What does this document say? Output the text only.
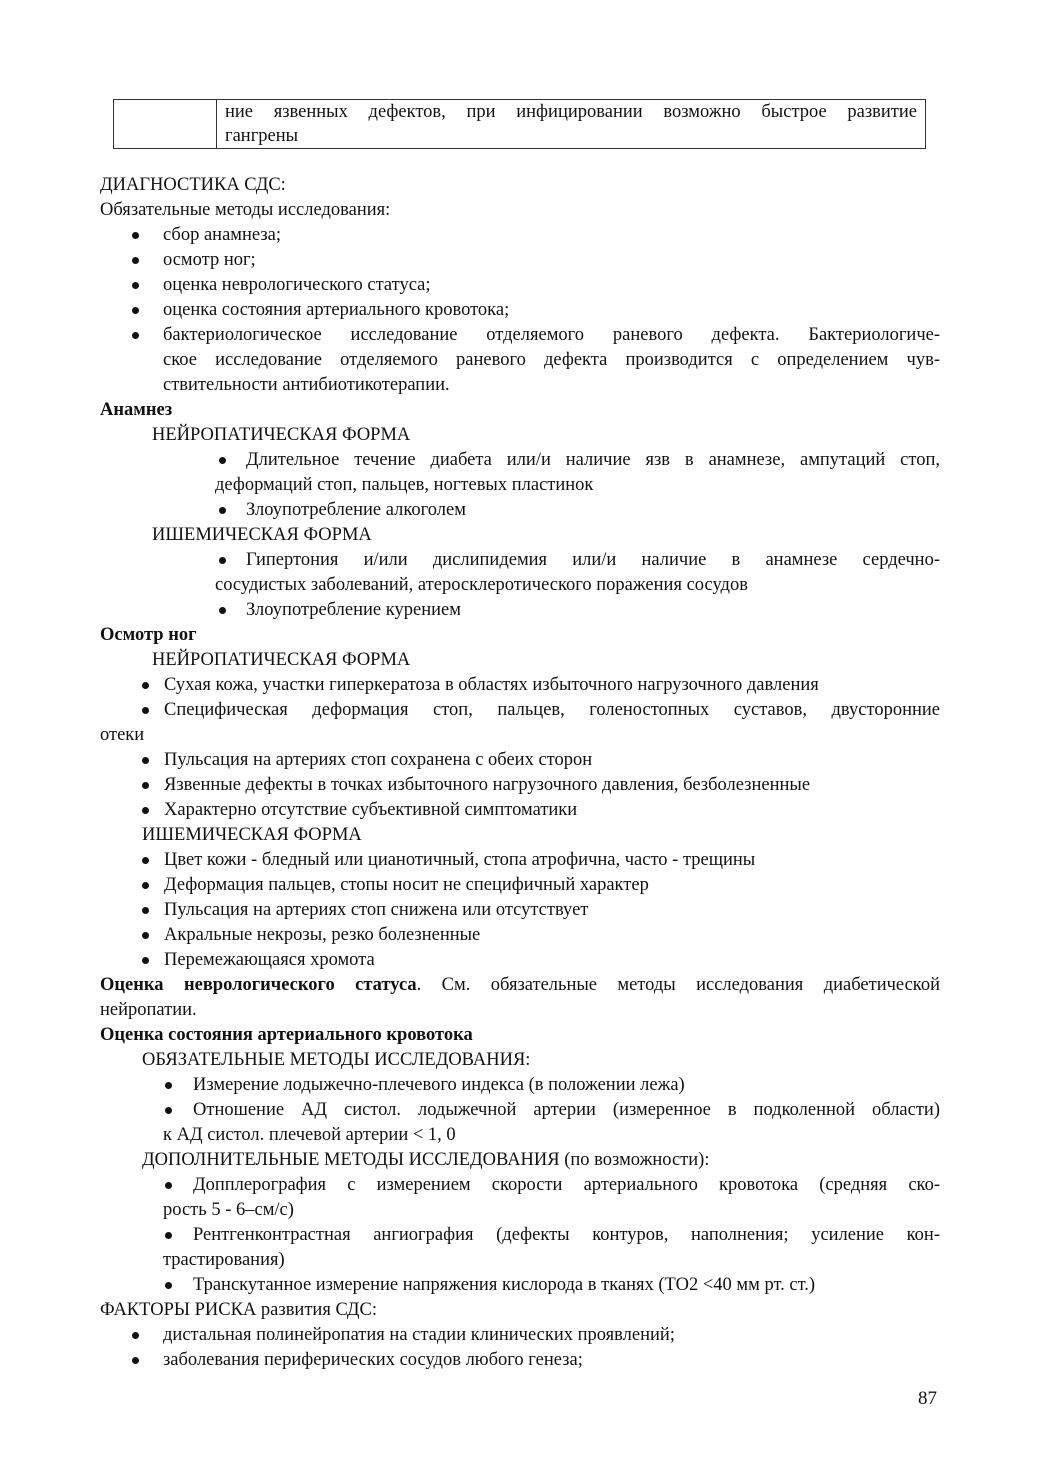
ние язвенных дефектов, при инфицировании возможно быстрое развитие
гангрены
ДИАГНОСТИКА СДС:
Обязательные методы исследования:
сбор анамнеза;
осмотр ног;
оценка неврологического статуса;
оценка состояния артериального кровотока;
бактериологическое исследование отделяемого раневого дефекта. Бактериологиче-
ское исследование отделяемого раневого дефекта производится с определением чув-
ствительности антибиотикотерапии.
Анамнез
НЕЙРОПАТИЧЕСКАЯ ФОРМА
Длительное течение диабета или/и наличие язв в анамнезе, ампутаций стоп,
деформаций стоп, пальцев, ногтевых пластинок
Злоупотребление алкоголем
ИШЕМИЧЕСКАЯ ФОРМА
Гипертония и/или дислипидемия или/и наличие в анамнезе сердечно-
сосудистых заболеваний, атеросклеротического поражения сосудов
Злоупотребление курением
Осмотр ног
НЕЙРОПАТИЧЕСКАЯ ФОРМА
Сухая кожа, участки гиперкератоза в областях избыточного нагрузочного давления
Специфическая деформация стоп, пальцев, голеностопных суставов, двусторонние
отеки
Пульсация на артериях стоп сохранена с обеих сторон
Язвенные дефекты в точках избыточного нагрузочного давления, безболезненные
Характерно отсутствие субъективной симптоматики
ИШЕМИЧЕСКАЯ ФОРМА
Цвет кожи - бледный или цианотичный, стопа атрофична, часто - трещины
Деформация пальцев, стопы носит не специфичный характер
Пульсация на артериях стоп снижена или отсутствует
Акральные некрозы, резко болезненные
Перемежающаяся хромота
Оценка неврологического статуса. См. обязательные методы исследования диабетической
нейропатии.
Оценка состояния артериального кровотока
ОБЯЗАТЕЛЬНЫЕ МЕТОДЫ ИССЛЕДОВАНИЯ:
Измерение лодыжечно-плечевого индекса (в положении лежа)
Отношение АД систол. лодыжечной артерии (измеренное в подколенной области)
к АД систол. плечевой артерии < 1, 0
ДОПОЛНИТЕЛЬНЫЕ МЕТОДЫ ИССЛЕДОВАНИЯ (по возможности):
Допплерография с измерением скорости артериального кровотока (средняя ско-
рость 5 - 6–см/с)
Рентгенконтрастная ангиография (дефекты контуров, наполнения; усиление кон-
трастирования)
Транскутанное измерение напряжения кислорода в тканях (ТО2 <40 мм рт. ст.)
ФАКТОРЫ РИСКА развития СДС:
дистальная полинейропатия на стадии клинических проявлений;
заболевания периферических сосудов любого генеза;
87
